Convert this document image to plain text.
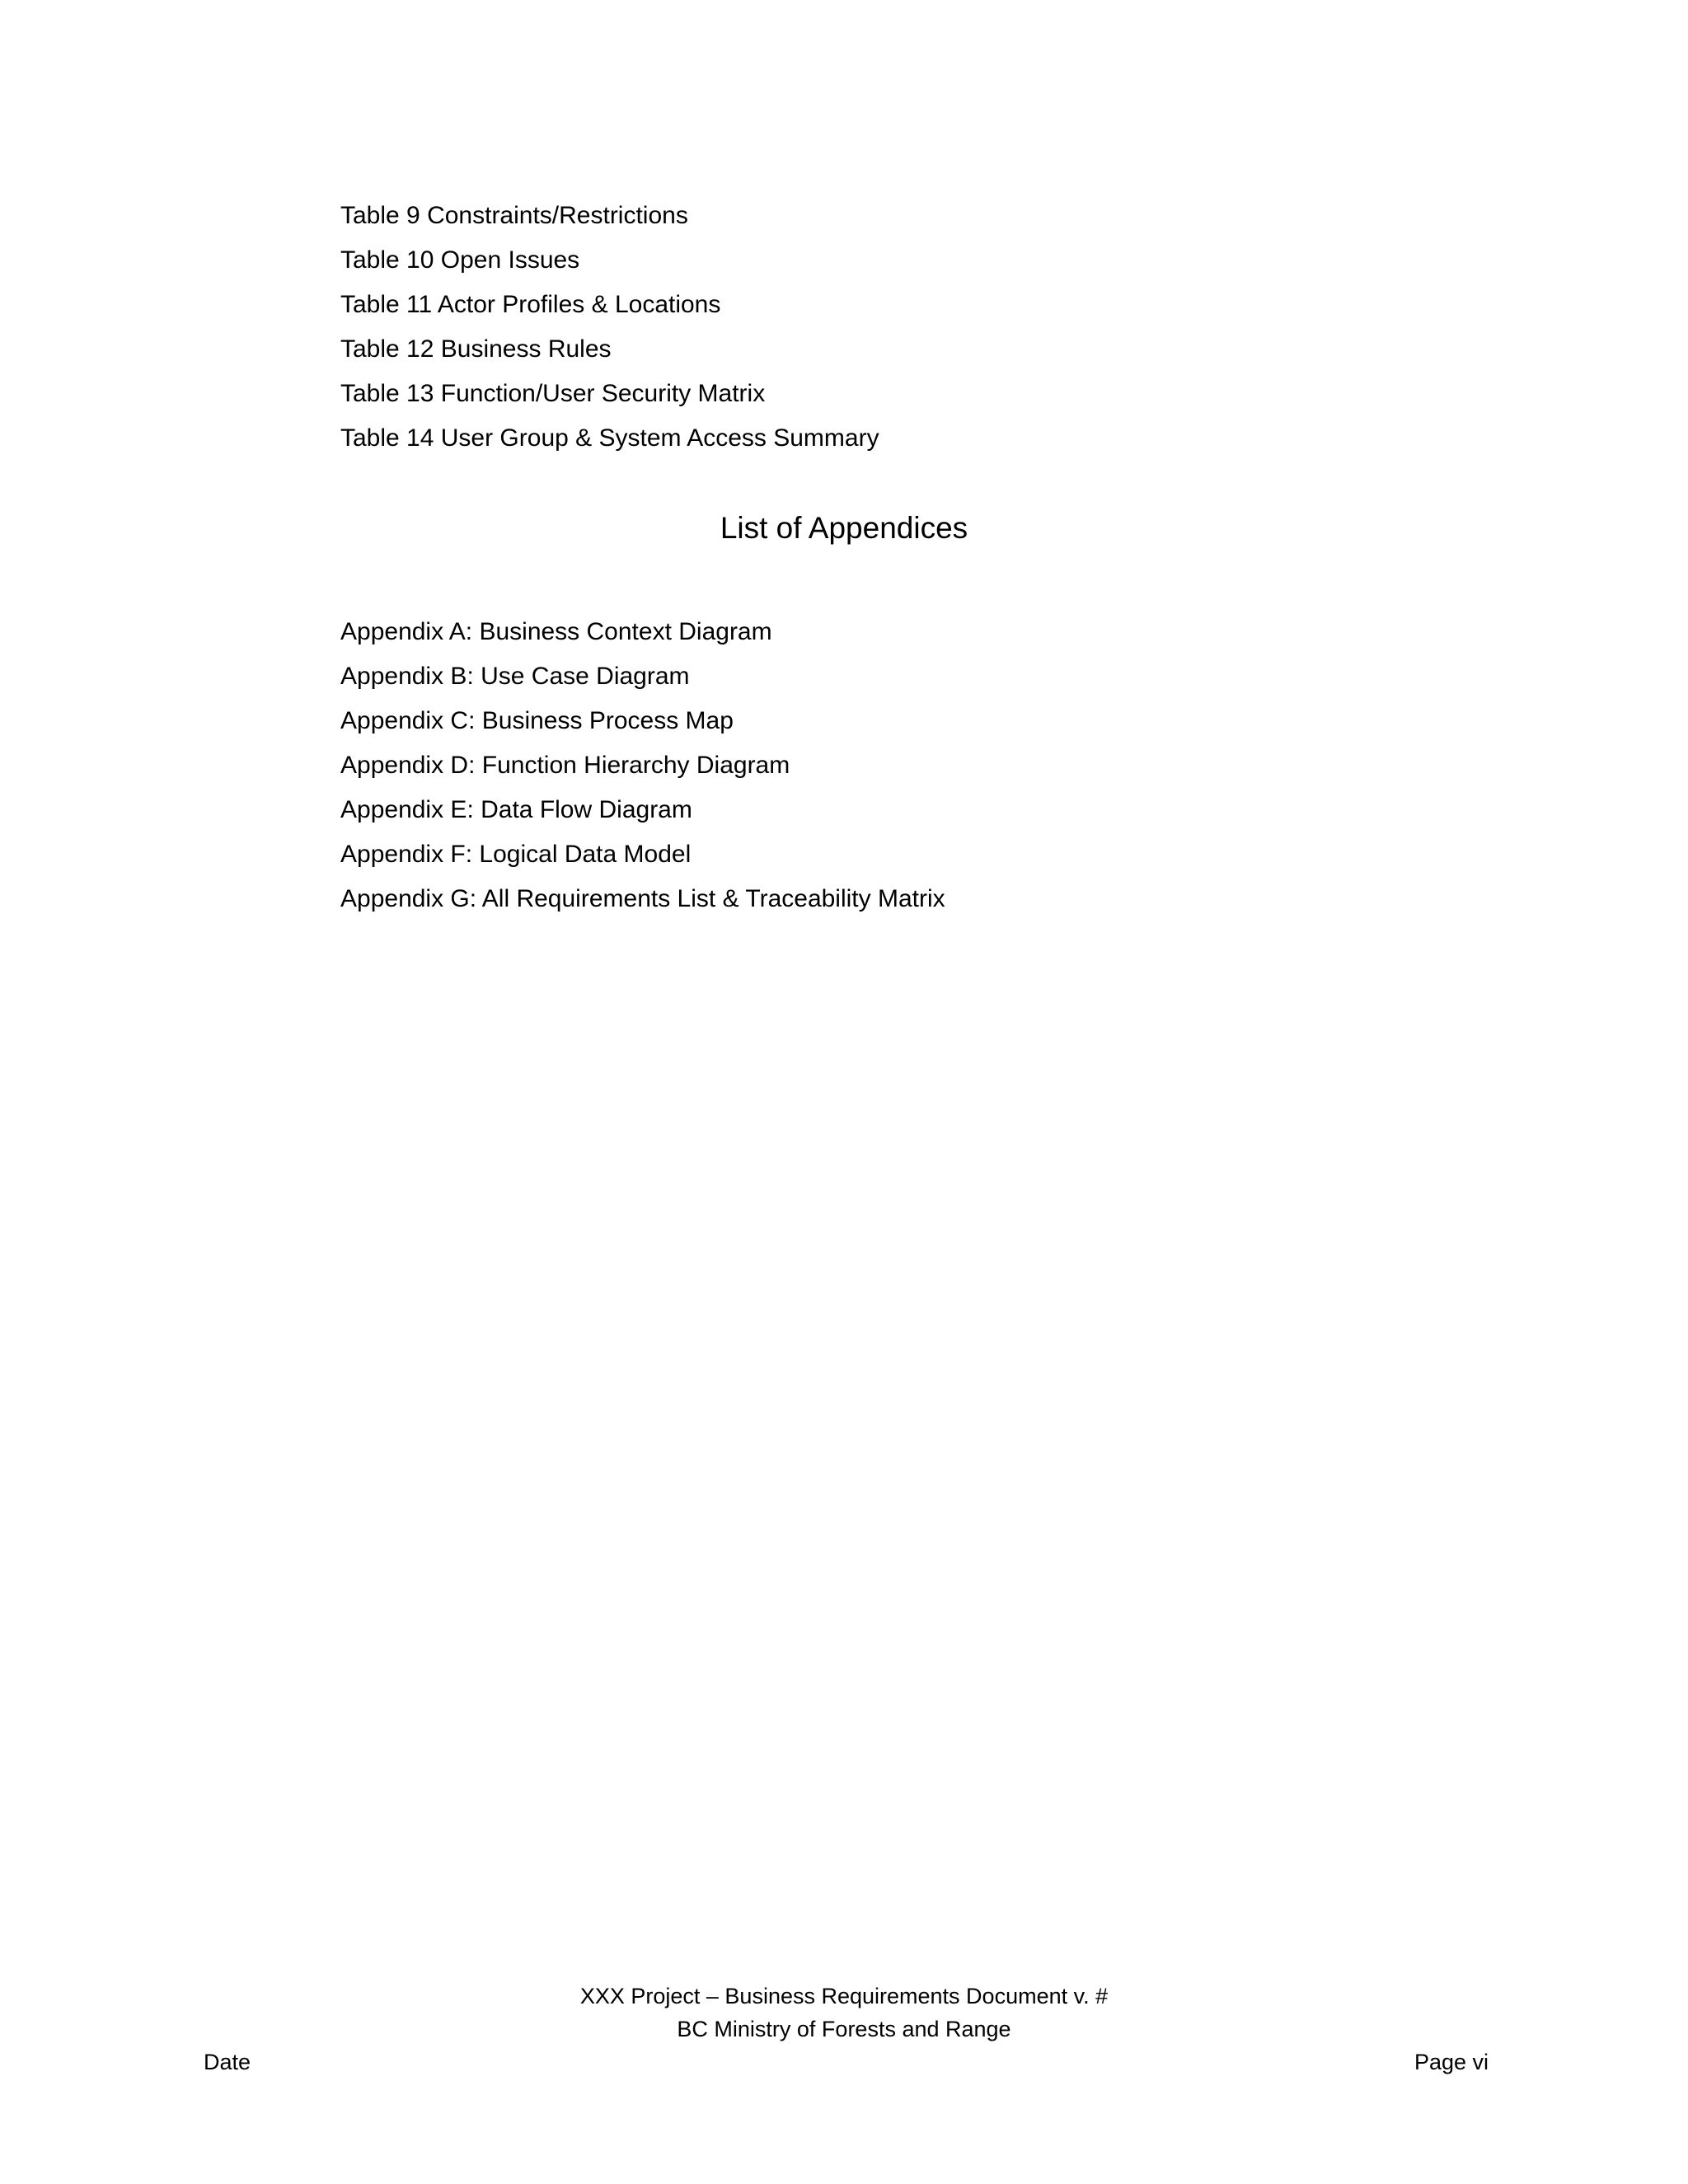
Table 9 Constraints/Restrictions
Table 10 Open Issues
Table 11 Actor Profiles & Locations
Table 12 Business Rules
Table 13 Function/User Security Matrix
Table 14 User Group & System Access Summary
List of Appendices
Appendix A: Business Context Diagram
Appendix B: Use Case Diagram
Appendix C: Business Process Map
Appendix D: Function Hierarchy Diagram
Appendix E: Data Flow Diagram
Appendix F: Logical Data Model
Appendix G: All Requirements List & Traceability Matrix
XXX Project – Business Requirements Document v. #
BC Ministry of Forests and Range
Date	Page vi
